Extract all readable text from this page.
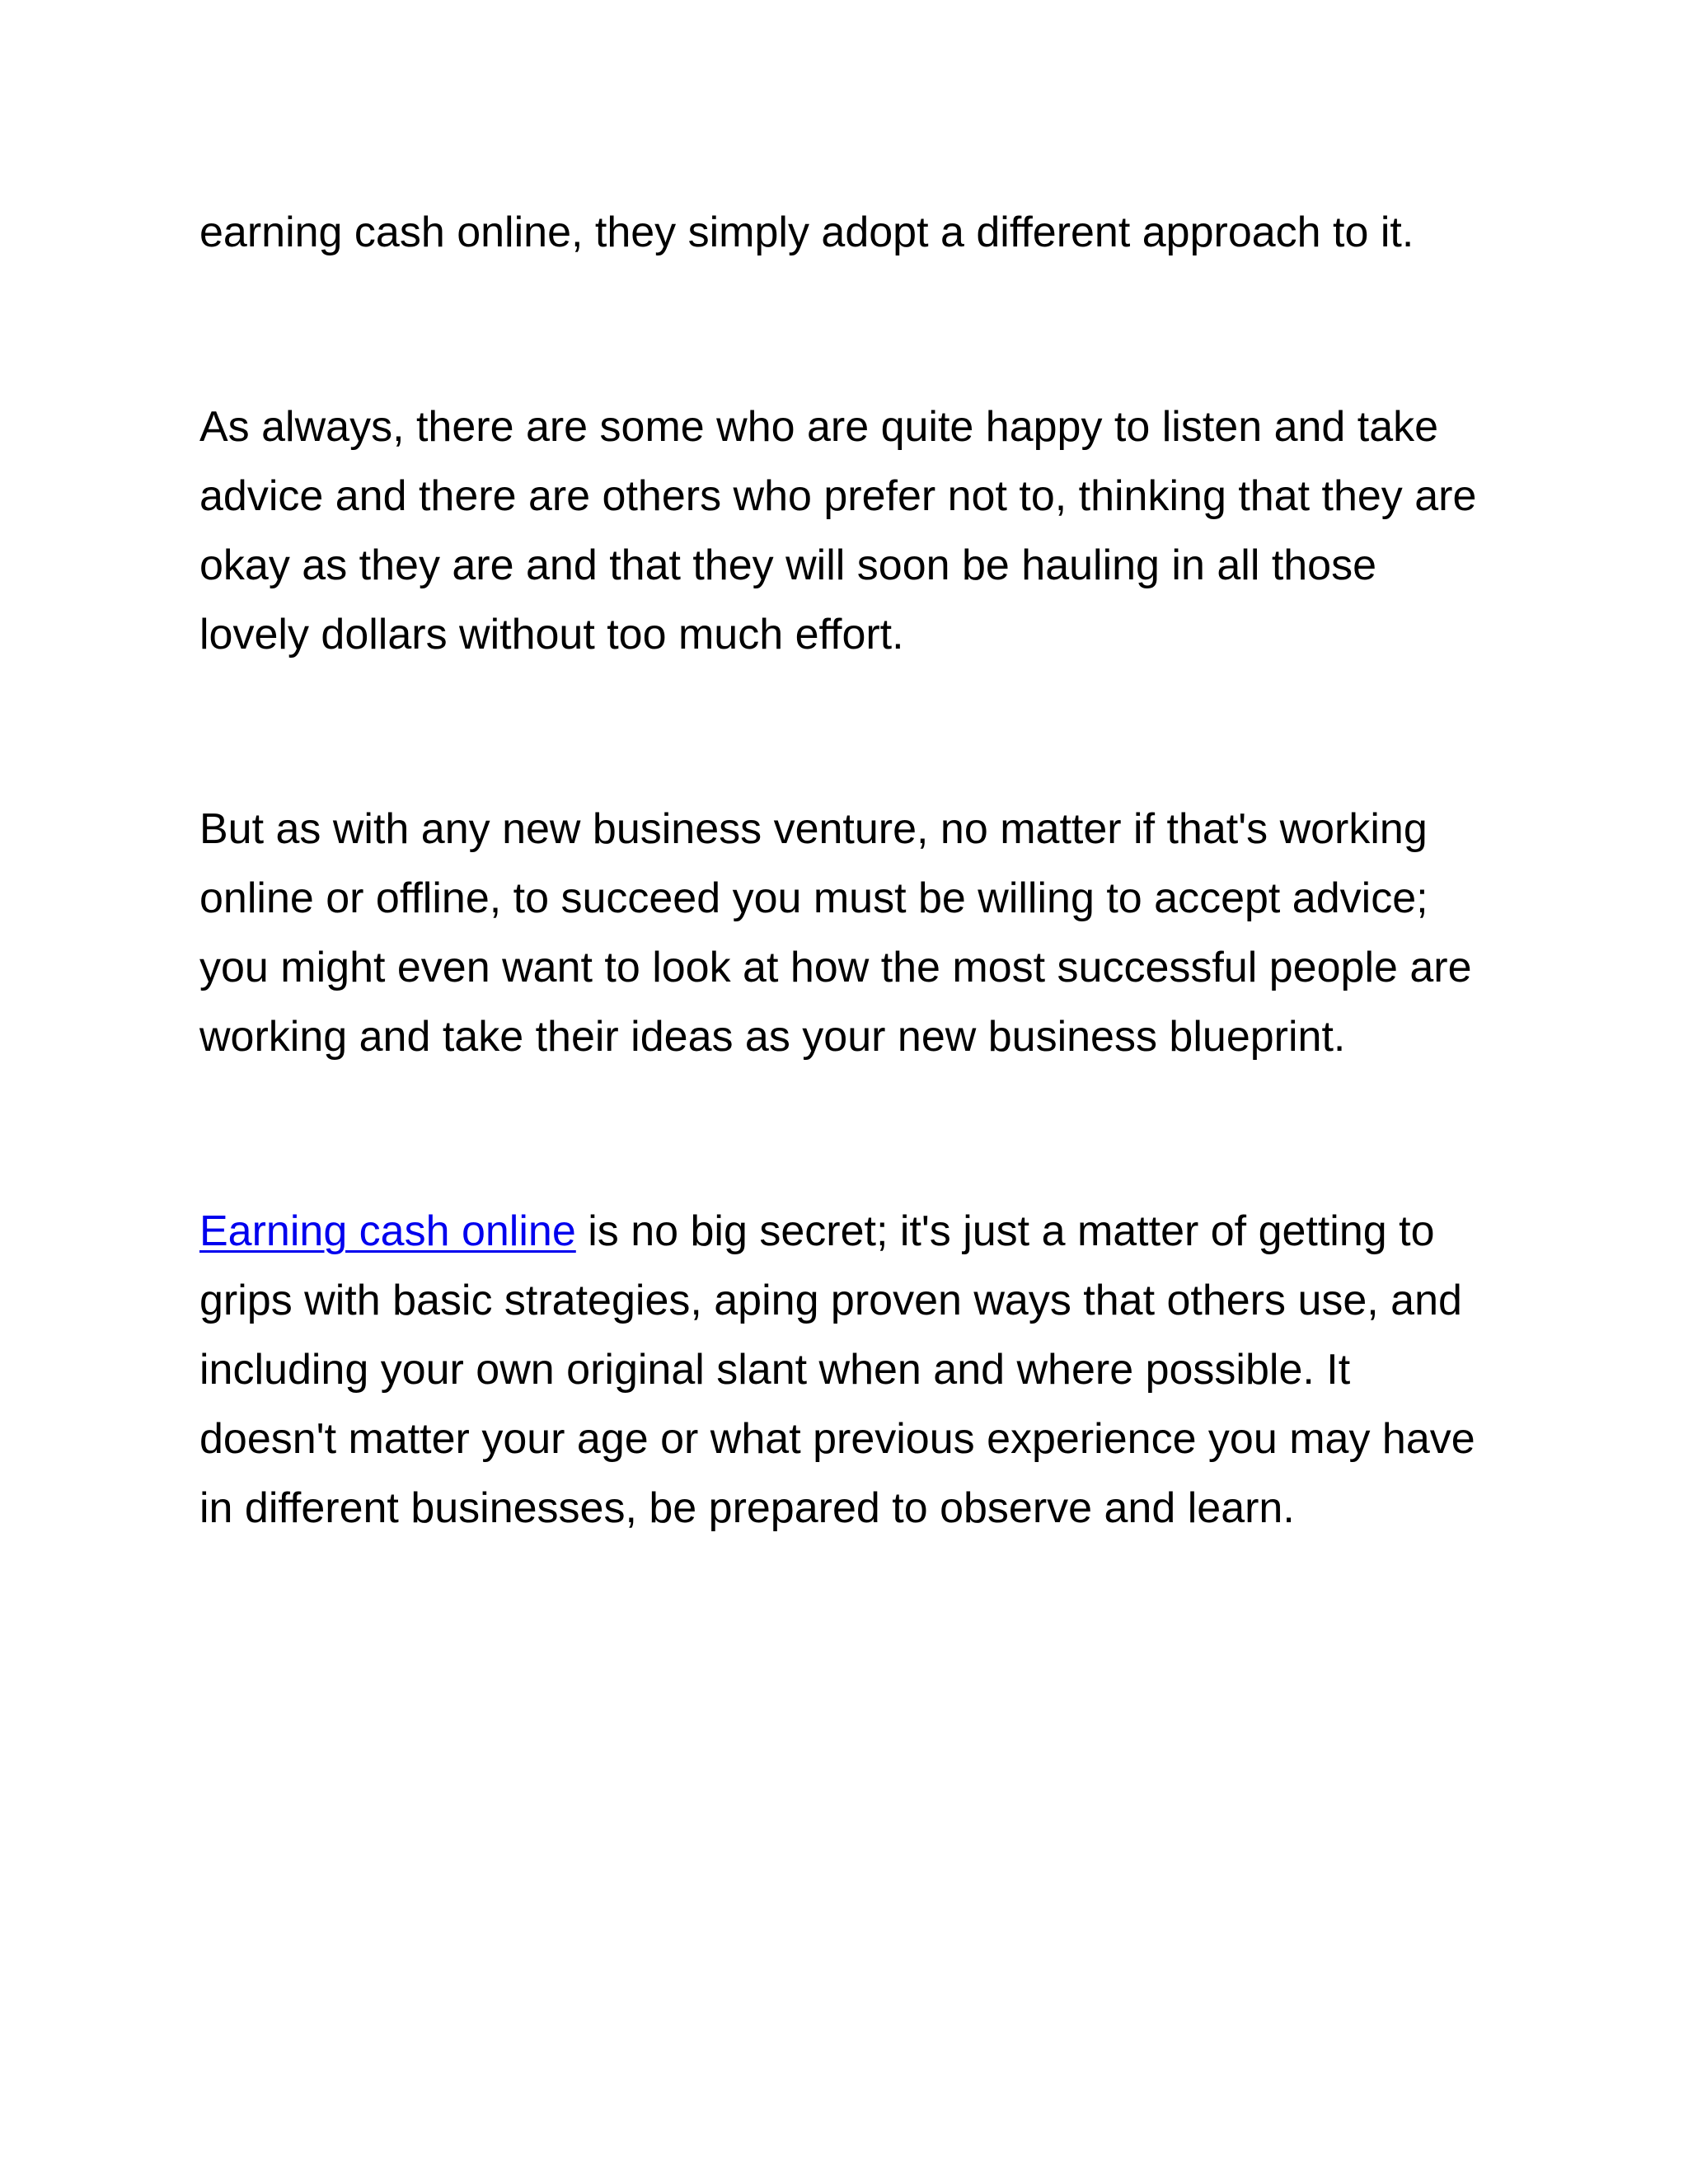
earning cash online, they simply adopt a different approach to it.

As always, there are some who are quite happy to listen and take advice and there are others who prefer not to, thinking that they are okay as they are and that they will soon be hauling in all those lovely dollars without too much effort.

But as with any new business venture, no matter if that's working online or offline, to succeed you must be willing to accept advice; you might even want to look at how the most successful people are working and take their ideas as your new business blueprint.

Earning cash online is no big secret; it's just a matter of getting to grips with basic strategies, aping proven ways that others use, and including your own original slant when and where possible. It doesn't matter your age or what previous experience you may have in different businesses, be prepared to observe and learn.
